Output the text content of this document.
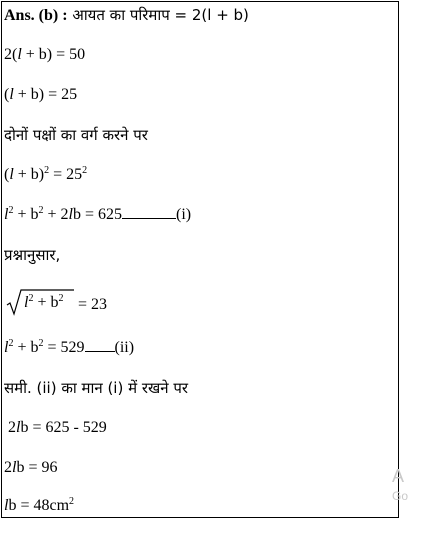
Ans. (b) : आयत का परिमाप = 2(l + b)
2(l + b) = 50
(l + b) = 25
दोनों पक्षों का वर्ग करने पर
$(l + b)^2 = 25^2$
$l^2 + b^2 + 2lb = 625$	(i)
प्रश्नानुसार,
$l^2 + b^2 = 23$
$l^2 + b^2 = 529$ (ii)
समी. (ii) का मान (i) में रखने पर
2lb = 625 - 529
2lb = 96
lb = $48cm^2$
A
Go
